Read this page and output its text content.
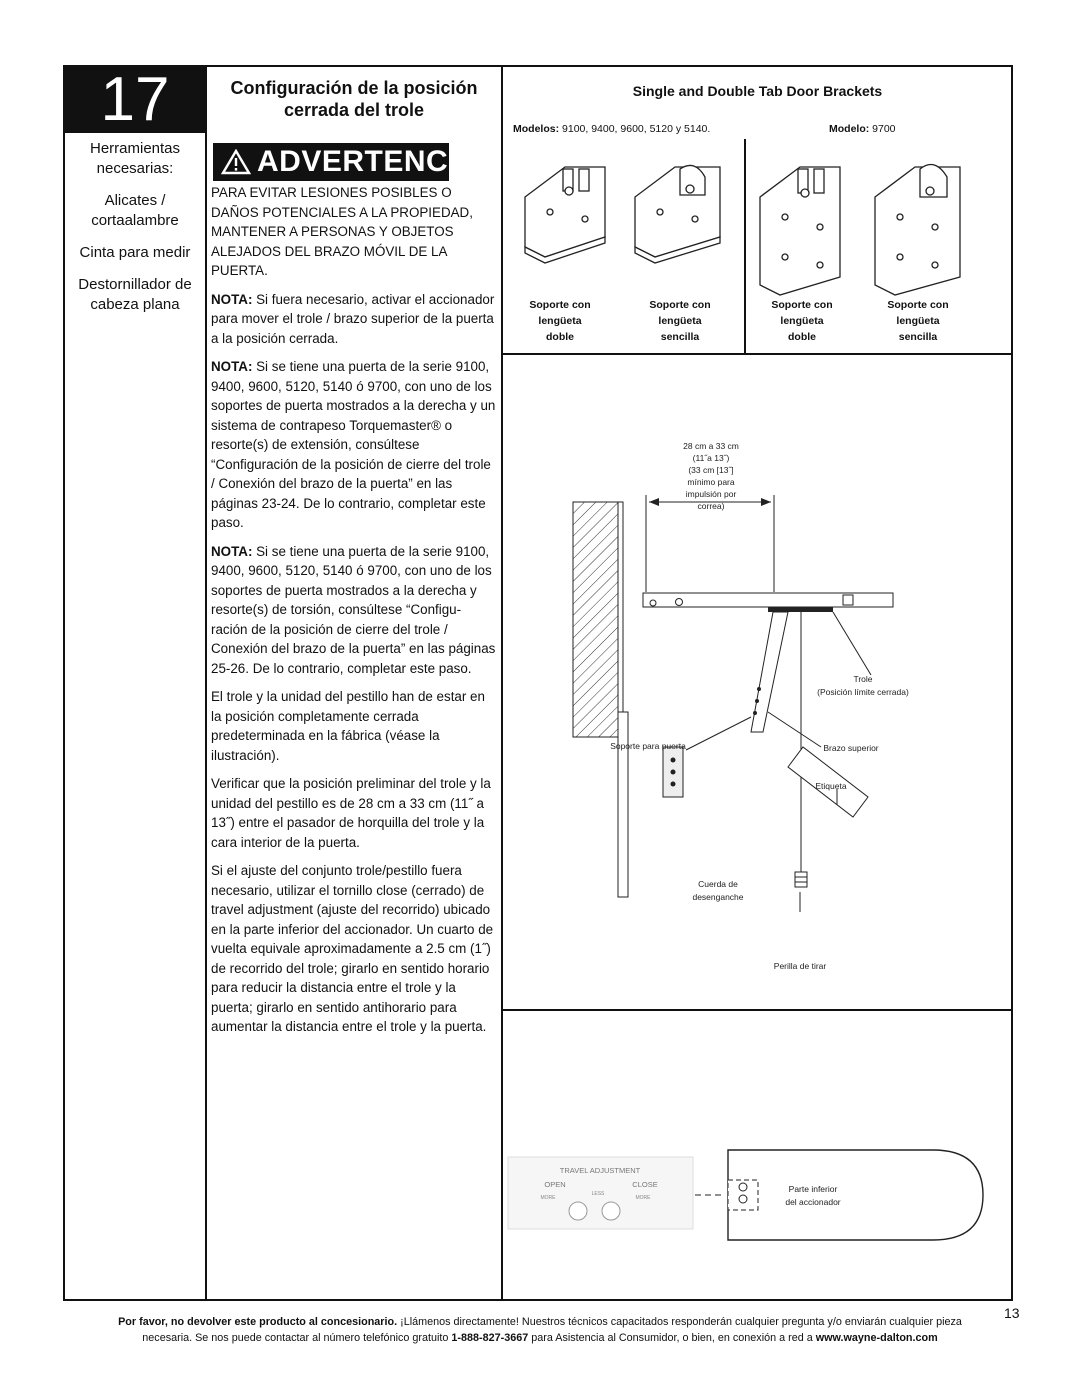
17

Herramientas necesarias:

Alicates / cortaalambre

Cinta para medir

Destornillador de cabeza plana

Configuración de la posición cerrada del trole
ADVERTENCIA

PARA EVITAR LESIONES POSIBLES O DAÑOS POTENCIALES A LA PROPIEDAD, MANTENER A PERSONAS Y OBJETOS ALEJADOS DEL BRAZO MÓVIL DE LA PUERTA.

NOTA: Si fuera necesario, activar el accionador para mover el trole / brazo superior de la puerta a la posición cerrada.

NOTA: Si se tiene una puerta de la serie 9100, 9400, 9600, 5120, 5140 ó 9700, con uno de los soportes de puerta mostrados a la derecha y un sistema de contrapeso Torquemaster® o resorte(s) de extensión, consúltese “Configuración de la posición de cierre del trole / Conexión del brazo de la puerta” en las páginas 23-24. De lo contrario, completar este paso.

NOTA: Si se tiene una puerta de la serie 9100, 9400, 9600, 5120, 5140 ó 9700, con uno de los soportes de puerta mostrados a la derecha y resorte(s) de torsión, consúltese “Configu- ración de la posición de cierre del trole / Conexión del brazo de la puerta” en las páginas 25-26. De lo contrario, completar este paso.

El trole y la unidad del pestillo han de estar en la posición completamente cerrada predeterminada en la fábrica (véase la ilustración).

Verificar que la posición preliminar del trole y la unidad del pestillo es de 28 cm a 33 cm (11˝ a 13˝) entre el pasador de horquilla del trole y la cara interior de la puerta.

Si el ajuste del conjunto trole/pestillo fuera necesario, utilizar el tornillo close (cerrado) de travel adjustment (ajuste del recorrido) ubicado en la parte inferior del accionador. Un cuarto de vuelta equivale aproximadamente a 2.5 cm (1˝) de recorrido del trole; girarlo en sentido horario para reducir la distancia entre el trole y la puerta; girarlo en sentido antihorario para aumentar la distancia entre el trole y la puerta.

Single and Double Tab Door Brackets
Modelos: 9100, 9400, 9600, 5120 y 5140.	Modelo: 9700
Soporte con
lengüeta
doble
Soporte con
lengüeta
sencilla
Soporte con
lengüeta
doble
Soporte con
lengüeta
sencilla
28 cm a 33 cm
(11˝a 13˝)
(33 cm [13˝]
mínimo para
impulsión por
correa)
Trole
(Posición límite cerrada)
Soporte para puerta	Brazo superior
Etiqueta
Cuerda de
desenganche
Perilla de tirar
TRAVEL ADJUSTMENT
OPEN	CLOSE
MORE
LESS
MORE
Parte inferior
del accionador
Por favor, no devolver este producto al concesionario. ¡Llámenos directamente! Nuestros técnicos capacitados responderán cualquier pregunta y/o enviarán cualquier pieza necesaria. Se nos puede contactar al número telefónico gratuito 1-888-827-3667 para Asistencia al Consumidor, o bien, en conexión a red a www.wayne-dalton.com
13
